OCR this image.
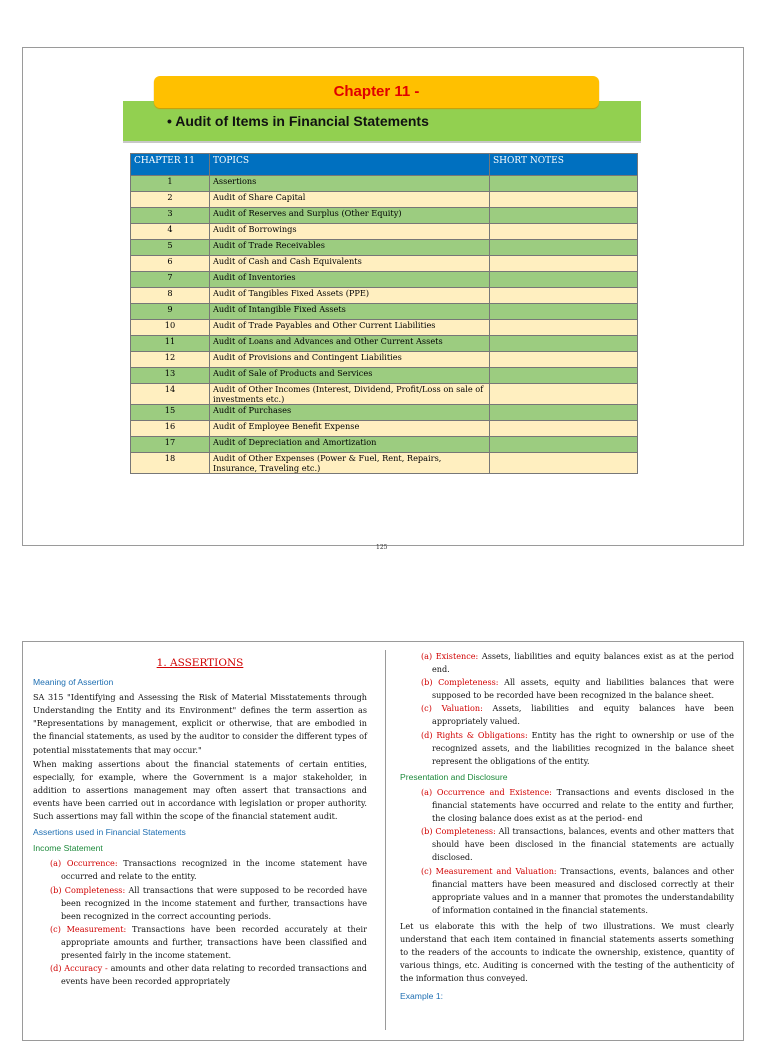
• Audit of Items in Financial Statements
Chapter 11 -
CHAPTER 11	TOPICS	SHORT NOTES
1	Assertions	
2	Audit of Share Capital	
3	Audit of Reserves and Surplus (Other Equity)	
4	Audit of Borrowings	
5	Audit of Trade Receivables	
6	Audit of Cash and Cash Equivalents	
7	Audit of Inventories	
8	Audit of Tangibles Fixed Assets (PPE)	
9	Audit of Intangible Fixed Assets	
10	Audit of Trade Payables and Other Current Liabilities	
11	Audit of Loans and Advances and Other Current Assets	
12	Audit of Provisions and Contingent Liabilities	
13	Audit of Sale of Products and Services	
14	Audit of Other Incomes (Interest, Dividend, Profit/Loss on sale of investments etc.)	
15	Audit of Purchases	
16	Audit of Employee Benefit Expense	
17	Audit of Depreciation and Amortization	
18	Audit of Other Expenses (Power & Fuel, Rent, Repairs, Insurance, Traveling etc.)	
125

1. ASSERTIONS

Meaning of Assertion

SA 315 "Identifying and Assessing the Risk of Material Misstatements through Understanding the Entity and its Environment" defines the term assertion as "Representations by management, explicit or otherwise, that are embodied in the financial statements, as used by the auditor to consider the different types of potential misstatements that may occur."

When making assertions about the financial statements of certain entities, especially, for example, where the Government is a major stakeholder, in addition to assertions management may often assert that transactions and events have been carried out in accordance with legislation or proper authority. Such assertions may fall within the scope of the financial statement audit.

Assertions used in Financial Statements

Income Statement

(a) Occurrence: Transactions recognized in the income statement have occurred and relate to the entity.

(b) Completeness: All transactions that were supposed to be recorded have been recognized in the income statement and further, transactions have been recognized in the correct accounting periods.

(c) Measurement: Transactions have been recorded accurately at their appropriate amounts and further, transactions have been classified and presented fairly in the income statement.

(d) Accuracy - amounts and other data relating to recorded transactions and events have been recorded appropriately

(a) Existence: Assets, liabilities and equity balances exist as at the period end.

(b) Completeness: All assets, equity and liabilities balances that were supposed to be recorded have been recognized in the balance sheet.

(c) Valuation: Assets, liabilities and equity balances have been appropriately valued.

(d) Rights & Obligations: Entity has the right to ownership or use of the recognized assets, and the liabilities recognized in the balance sheet represent the obligations of the entity.

Presentation and Disclosure

(a) Occurrence and Existence: Transactions and events disclosed in the financial statements have occurred and relate to the entity and further, the closing balance does exist as at the period- end

(b) Completeness: All transactions, balances, events and other matters that should have been disclosed in the financial statements are actually disclosed.

(c) Measurement and Valuation: Transactions, events, balances and other financial matters have been measured and disclosed correctly at their appropriate values and in a manner that promotes the understandability of information contained in the financial statements.

Let us elaborate this with the help of two illustrations. We must clearly understand that each item contained in financial statements asserts something to the readers of the accounts to indicate the ownership, existence, quantity of various things, etc. Auditing is concerned with the testing of the authenticity of the information thus conveyed.

Example 1:
